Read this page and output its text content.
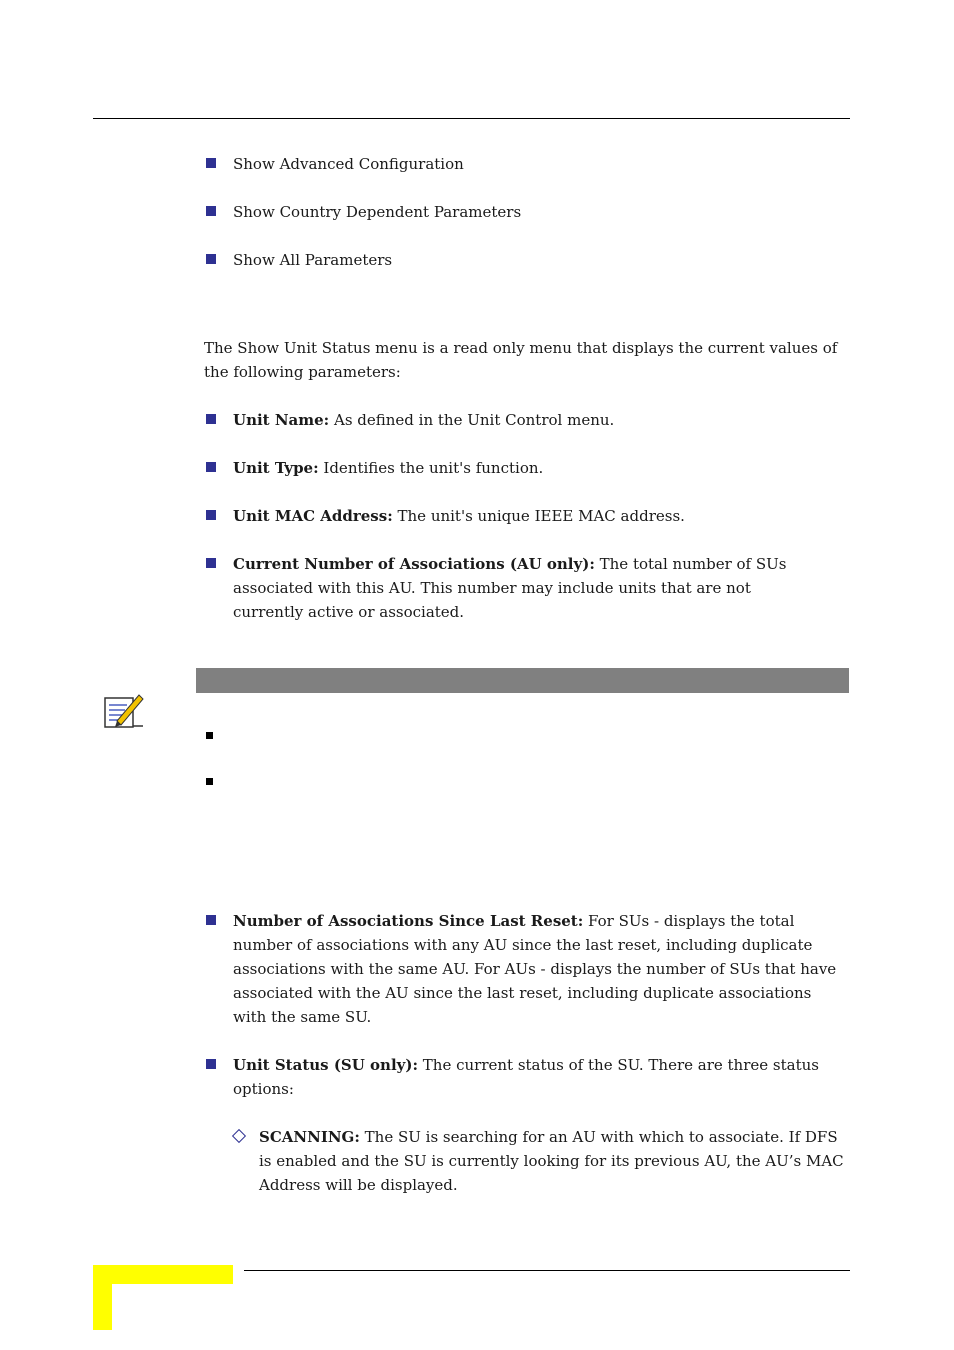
Show Advanced Configuration
Show Country Dependent Parameters
Show All Parameters
The Show Unit Status menu is a read only menu that displays the current values of the following parameters:
Unit Name: As defined in the Unit Control menu.
Unit Type: Identifies the unit's function.
Unit MAC Address: The unit's unique IEEE MAC address.
Current Number of Associations (AU only): The total number of SUs associated with this AU. This number may include units that are not currently active or associated.
Number of Associations Since Last Reset: For SUs - displays the total number of associations with any AU since the last reset, including duplicate associations with the same AU. For AUs - displays the number of SUs that have associated with the AU since the last reset, including duplicate associations with the same SU.
Unit Status (SU only): The current status of the SU. There are three status options:
SCANNING: The SU is searching for an AU with which to associate. If DFS is enabled and the SU is currently looking for its previous AU, the AU’s MAC Address will be displayed.
